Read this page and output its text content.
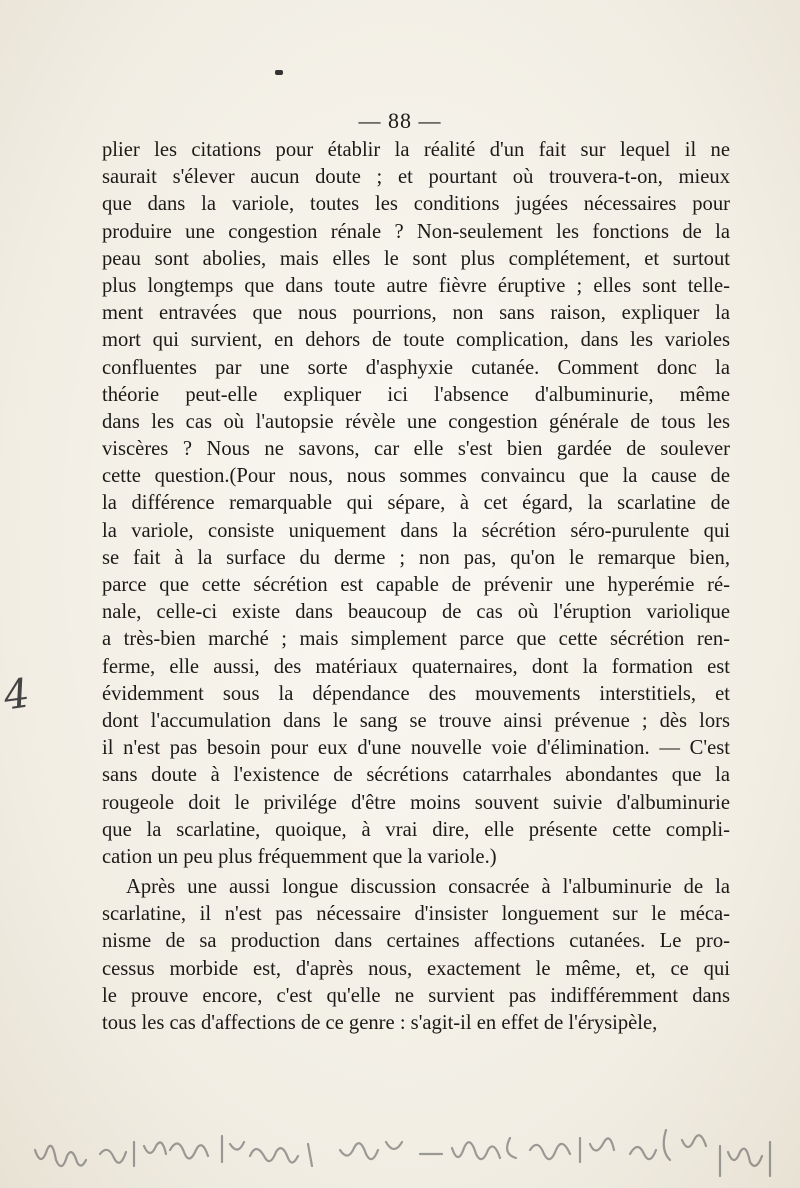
— 88 —
plier les citations pour établir la réalité d'un fait sur lequel il ne
saurait s'élever aucun doute ; et pourtant où trouvera-t-on, mieux
que dans la variole, toutes les conditions jugées nécessaires pour
produire une congestion rénale ? Non-seulement les fonctions de la
peau sont abolies, mais elles le sont plus complétement, et surtout
plus longtemps que dans toute autre fièvre éruptive ; elles sont telle-
ment entravées que nous pourrions, non sans raison, expliquer la
mort qui survient, en dehors de toute complication, dans les varioles
confluentes par une sorte d'asphyxie cutanée. Comment donc la
théorie peut-elle expliquer ici l'absence d'albuminurie, même
dans les cas où l'autopsie révèle une congestion générale de tous les
viscères ? Nous ne savons, car elle s'est bien gardée de soulever
cette question.(Pour nous, nous sommes convaincu que la cause de
la différence remarquable qui sépare, à cet égard, la scarlatine de
la variole, consiste uniquement dans la sécrétion séro-purulente qui
se fait à la surface du derme ; non pas, qu'on le remarque bien,
parce que cette sécrétion est capable de prévenir une hyperémie ré-
nale, celle-ci existe dans beaucoup de cas où l'éruption variolique
a très-bien marché ; mais simplement parce que cette sécrétion ren-
ferme, elle aussi, des matériaux quaternaires, dont la formation est
évidemment sous la dépendance des mouvements interstitiels, et
dont l'accumulation dans le sang se trouve ainsi prévenue ; dès lors
il n'est pas besoin pour eux d'une nouvelle voie d'élimination. — C'est
sans doute à l'existence de sécrétions catarrhales abondantes que la
rougeole doit le privilége d'être moins souvent suivie d'albuminurie
que la scarlatine, quoique, à vrai dire, elle présente cette compli-
cation un peu plus fréquemment que la variole.)
Après une aussi longue discussion consacrée à l'albuminurie de la
scarlatine, il n'est pas nécessaire d'insister longuement sur le méca-
nisme de sa production dans certaines affections cutanées. Le pro-
cessus morbide est, d'après nous, exactement le même, et, ce qui
le prouve encore, c'est qu'elle ne survient pas indifféremment dans
tous les cas d'affections de ce genre : s'agit-il en effet de l'érysipèle,
4
